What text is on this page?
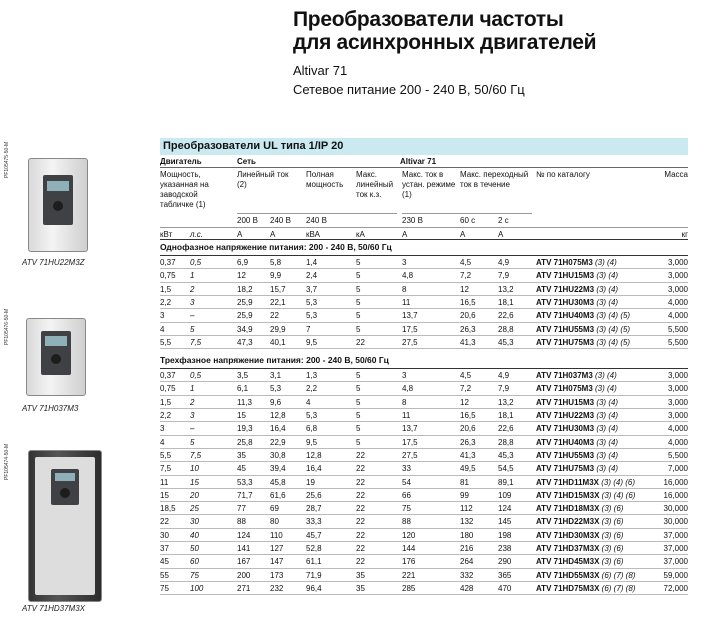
Преобразователи частоты
для асинхронных двигателей
Altivar 71
Сетевое питание 200 - 240 В, 50/60 Гц
PF105475-50-M
ATV 71HU22M3Z
PF105476-50-M
ATV 71H037M3
PF105474-50-M
ATV 71HD37M3X
Преобразователи UL типа 1/IP 20
Двигатель	Сеть	Altivar 71
Мощность, указанная на заводской табличке (1)
Линейный ток (2)
Полная мощность
Макс. линейный ток к.з.
Макс. ток в устан. режиме (1)
Макс. переходный ток в течение
№ по каталогу	Масса
200 В 240 В 240 В	230 В	60 с	2 с
кВт л.с.	А	А	кВА	кА	А	А	А	кг
Однофазное напряжение питания: 200 - 240 В, 50/60 Гц
0,37 0,5	6,9	5,8	1,4	5	3	4,5	4,9	ATV 71H075M3 (3) (4)	3,000
0,75 1	12	9,9	2,4	5	4,8	7,2	7,9	ATV 71HU15M3 (3) (4)	3,000
1,5 2	18,2 15,7	3,7	5	8	12	13,2	ATV 71HU22M3 (3) (4)	3,000
2,2 3	25,9 22,1	5,3	5	11	16,5	18,1	ATV 71HU30M3 (3) (4)	4,000
3	–	25,9 22	5,3	5	13,7	20,6	22,6	ATV 71HU40M3 (3) (4) (5)	4,000
4	5	34,9 29,9	7	5	17,5	26,3	28,8	ATV 71HU55M3 (3) (4) (5)	5,500
5,5 7,5	47,3 40,1	9,5	22	27,5	41,3	45,3	ATV 71HU75M3 (3) (4) (5)	5,500
Трехфазное напряжение питания: 200 - 240 В, 50/60 Гц
0,37 0,5	3,5	3,1	1,3	5	3	4,5	4,9	ATV 71H037M3 (3) (4)	3,000
0,75 1	6,1	5,3	2,2	5	4,8	7,2	7,9	ATV 71H075M3 (3) (4)	3,000
1,5 2	11,3 9,6	4	5	8	12	13,2	ATV 71HU15M3 (3) (4)	3,000
2,2 3	15	12,8	5,3	5	11	16,5	18,1	ATV 71HU22M3 (3) (4)	3,000
3	–	19,3 16,4	6,8	5	13,7	20,6	22,6	ATV 71HU30M3 (3) (4)	4,000
4	5	25,8 22,9	9,5	5	17,5	26,3	28,8	ATV 71HU40M3 (3) (4)	4,000
5,5 7,5	35	30,8	12,8	22	27,5	41,3	45,3	ATV 71HU55M3 (3) (4)	5,500
7,5 10	45	39,4	16,4	22	33	49,5	54,5	ATV 71HU75M3 (3) (4)	7,000
11	15	53,3 45,8	19	22	54	81	89,1	ATV 71HD11M3X (3) (4) (6)	16,000
15	20	71,7 61,6	25,6	22	66	99	109	ATV 71HD15M3X (3) (4) (6)	16,000
18,5 25	77	69	28,7	22	75	112	124	ATV 71HD18M3X (3) (6)	30,000
22	30	88	80	33,3	22	88	132	145	ATV 71HD22M3X (3) (6)	30,000
30	40	124 110	45,7	22	120	180	198	ATV 71HD30M3X (3) (6)	37,000
37	50	141 127	52,8	22	144	216	238	ATV 71HD37M3X (3) (6)	37,000
45	60	167 147	61,1	22	176	264	290	ATV 71HD45M3X (3) (6)	37,000
55	75	200 173	71,9	35	221	332	365	ATV 71HD55M3X (6) (7) (8)	59,000
75	100	271 232	96,4	35	285	428	470	ATV 71HD75M3X (6) (7) (8)	72,000
